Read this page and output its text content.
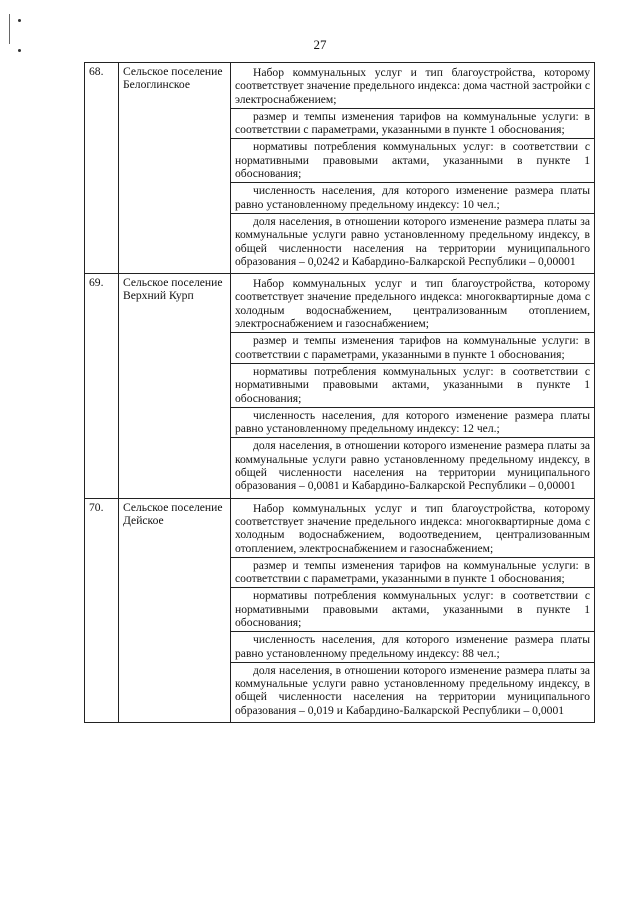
27
68.	Сельское поселение Белоглинское	Набор коммунальных услуг и тип благоустройства, которому соответствует значение предельного индекса: дома частной застройки с электроснабжением;
размер и темпы изменения тарифов на коммунальные услуги: в соответствии с параметрами, указанными в пункте 1 обоснования;
нормативы потребления коммунальных услуг: в соответствии с нормативными правовыми актами, указанными в пункте 1 обоснования;
численность населения, для которого изменение размера платы равно установленному предельному индексу: 10 чел.;
доля населения, в отношении которого изменение размера платы за коммунальные услуги равно установленному предельному индексу, в общей численности населения на территории муниципального образования – 0,0242 и Кабардино-Балкарской Республики – 0,00001

69.	Сельское поселение Верхний Курп	Набор коммунальных услуг и тип благоустройства, которому соответствует значение предельного индекса: многоквартирные дома с холодным водоснабжением, централизованным отоплением, электроснабжением и газоснабжением;
размер и темпы изменения тарифов на коммунальные услуги: в соответствии с параметрами, указанными в пункте 1 обоснования;
нормативы потребления коммунальных услуг: в соответствии с нормативными правовыми актами, указанными в пункте 1 обоснования;
численность населения, для которого изменение размера платы равно установленному предельному индексу: 12 чел.;
доля населения, в отношении которого изменение размера платы за коммунальные услуги равно установленному предельному индексу, в общей численности населения на территории муниципального образования – 0,0081 и Кабардино-Балкарской Республики – 0,00001

70.	Сельское поселение Дейское	Набор коммунальных услуг и тип благоустройства, которому соответствует значение предельного индекса: многоквартирные дома с холодным водоснабжением, водоотведением, централизованным отоплением, электроснабжением и газоснабжением;
размер и темпы изменения тарифов на коммунальные услуги: в соответствии с параметрами, указанными в пункте 1 обоснования;
нормативы потребления коммунальных услуг: в соответствии с нормативными правовыми актами, указанными в пункте 1 обоснования;
численность населения, для которого изменение размера платы равно установленному предельному индексу: 88 чел.;
доля населения, в отношении которого изменение размера платы за коммунальные услуги равно установленному предельному индексу, в общей численности населения на территории муниципального образования – 0,019 и Кабардино-Балкарской Республики – 0,0001
